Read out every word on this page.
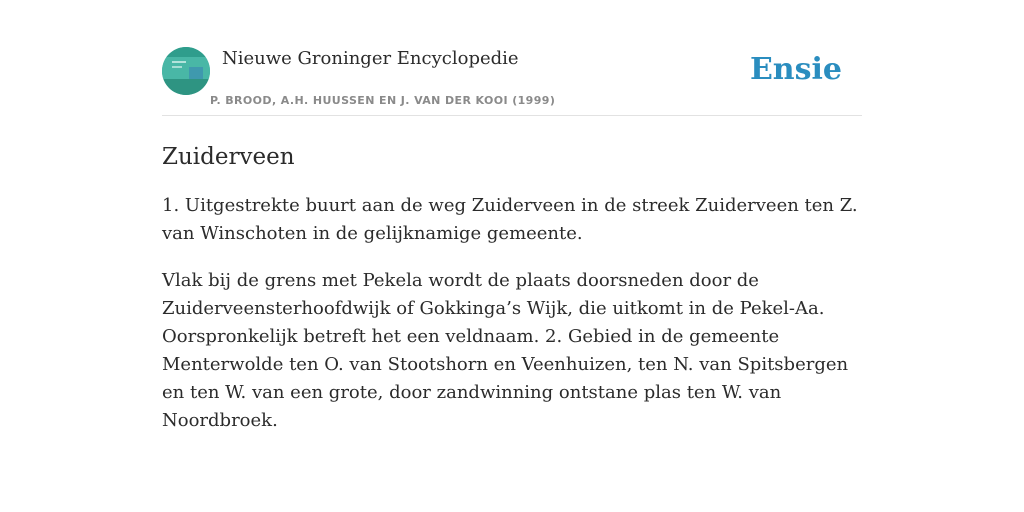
Nieuwe Groninger Encyclopedie
P. BROOD, A.H. HUUSSEN EN J. VAN DER KOOI (1999)
Ensie
Zuiderveen

1. Uitgestrekte buurt aan de weg Zuiderveen in de streek Zuiderveen ten Z. van Winschoten in de gelijknamige gemeente.

Vlak bij de grens met Pekela wordt de plaats doorsneden door de Zuiderveensterhoofdwijk of Gokkinga’s Wijk, die uitkomt in de Pekel-Aa. Oorspronkelijk betreft het een veldnaam. 2. Gebied in de gemeente Menterwolde ten O. van Stootshorn en Veenhuizen, ten N. van Spitsbergen en ten W. van een grote, door zandwinning ontstane plas ten W. van Noordbroek.
